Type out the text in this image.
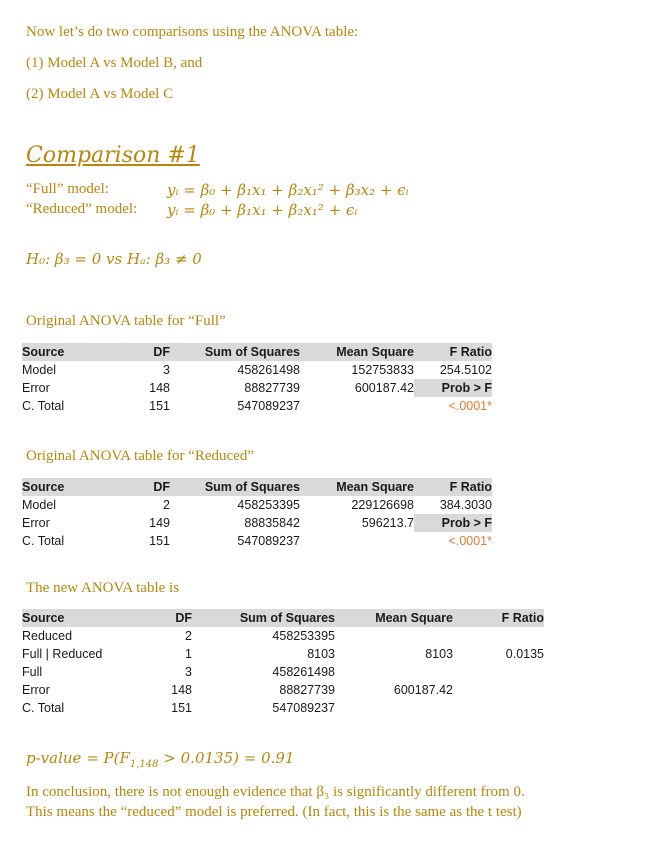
Now let’s do two comparisons using the ANOVA table:
(1) Model A vs Model B, and
(2) Model A vs Model C
Comparison #1
“Full” model:	yᵢ = β₀ + β₁x₁ + β₂x₁² + β₃x₂ + ϵᵢ
“Reduced” model: yᵢ = β₀ + β₁x₁ + β₂x₁² + ϵᵢ
H₀: β₃ = 0 vs Hₐ: β₃ ≠ 0
Original ANOVA table for “Full”
Source	DF	Sum of Squares	Mean Square	F Ratio
Model	3	458261498	152753833	254.5102
Error	148	88827739	600187.42	Prob > F
C. Total	151	547089237		<.0001*
Original ANOVA table for “Reduced”
Source	DF	Sum of Squares	Mean Square	F Ratio
Model	2	458253395	229126698	384.3030
Error	149	88835842	596213.7	Prob > F
C. Total	151	547089237		<.0001*
The new ANOVA table is
Source	DF	Sum of Squares	Mean Square	F Ratio
Reduced	2	458253395		
Full | Reduced	1	8103	8103	0.0135
Full	3	458261498		
Error	148	88827739	600187.42	
C. Total	151	547089237		
p-value = $P(F_{1,148} > 0.0135) = 0.91$
In conclusion, there is not enough evidence that β₃ is significantly different from 0.
This means the “reduced” model is preferred. (In fact, this is the same as the t test)
